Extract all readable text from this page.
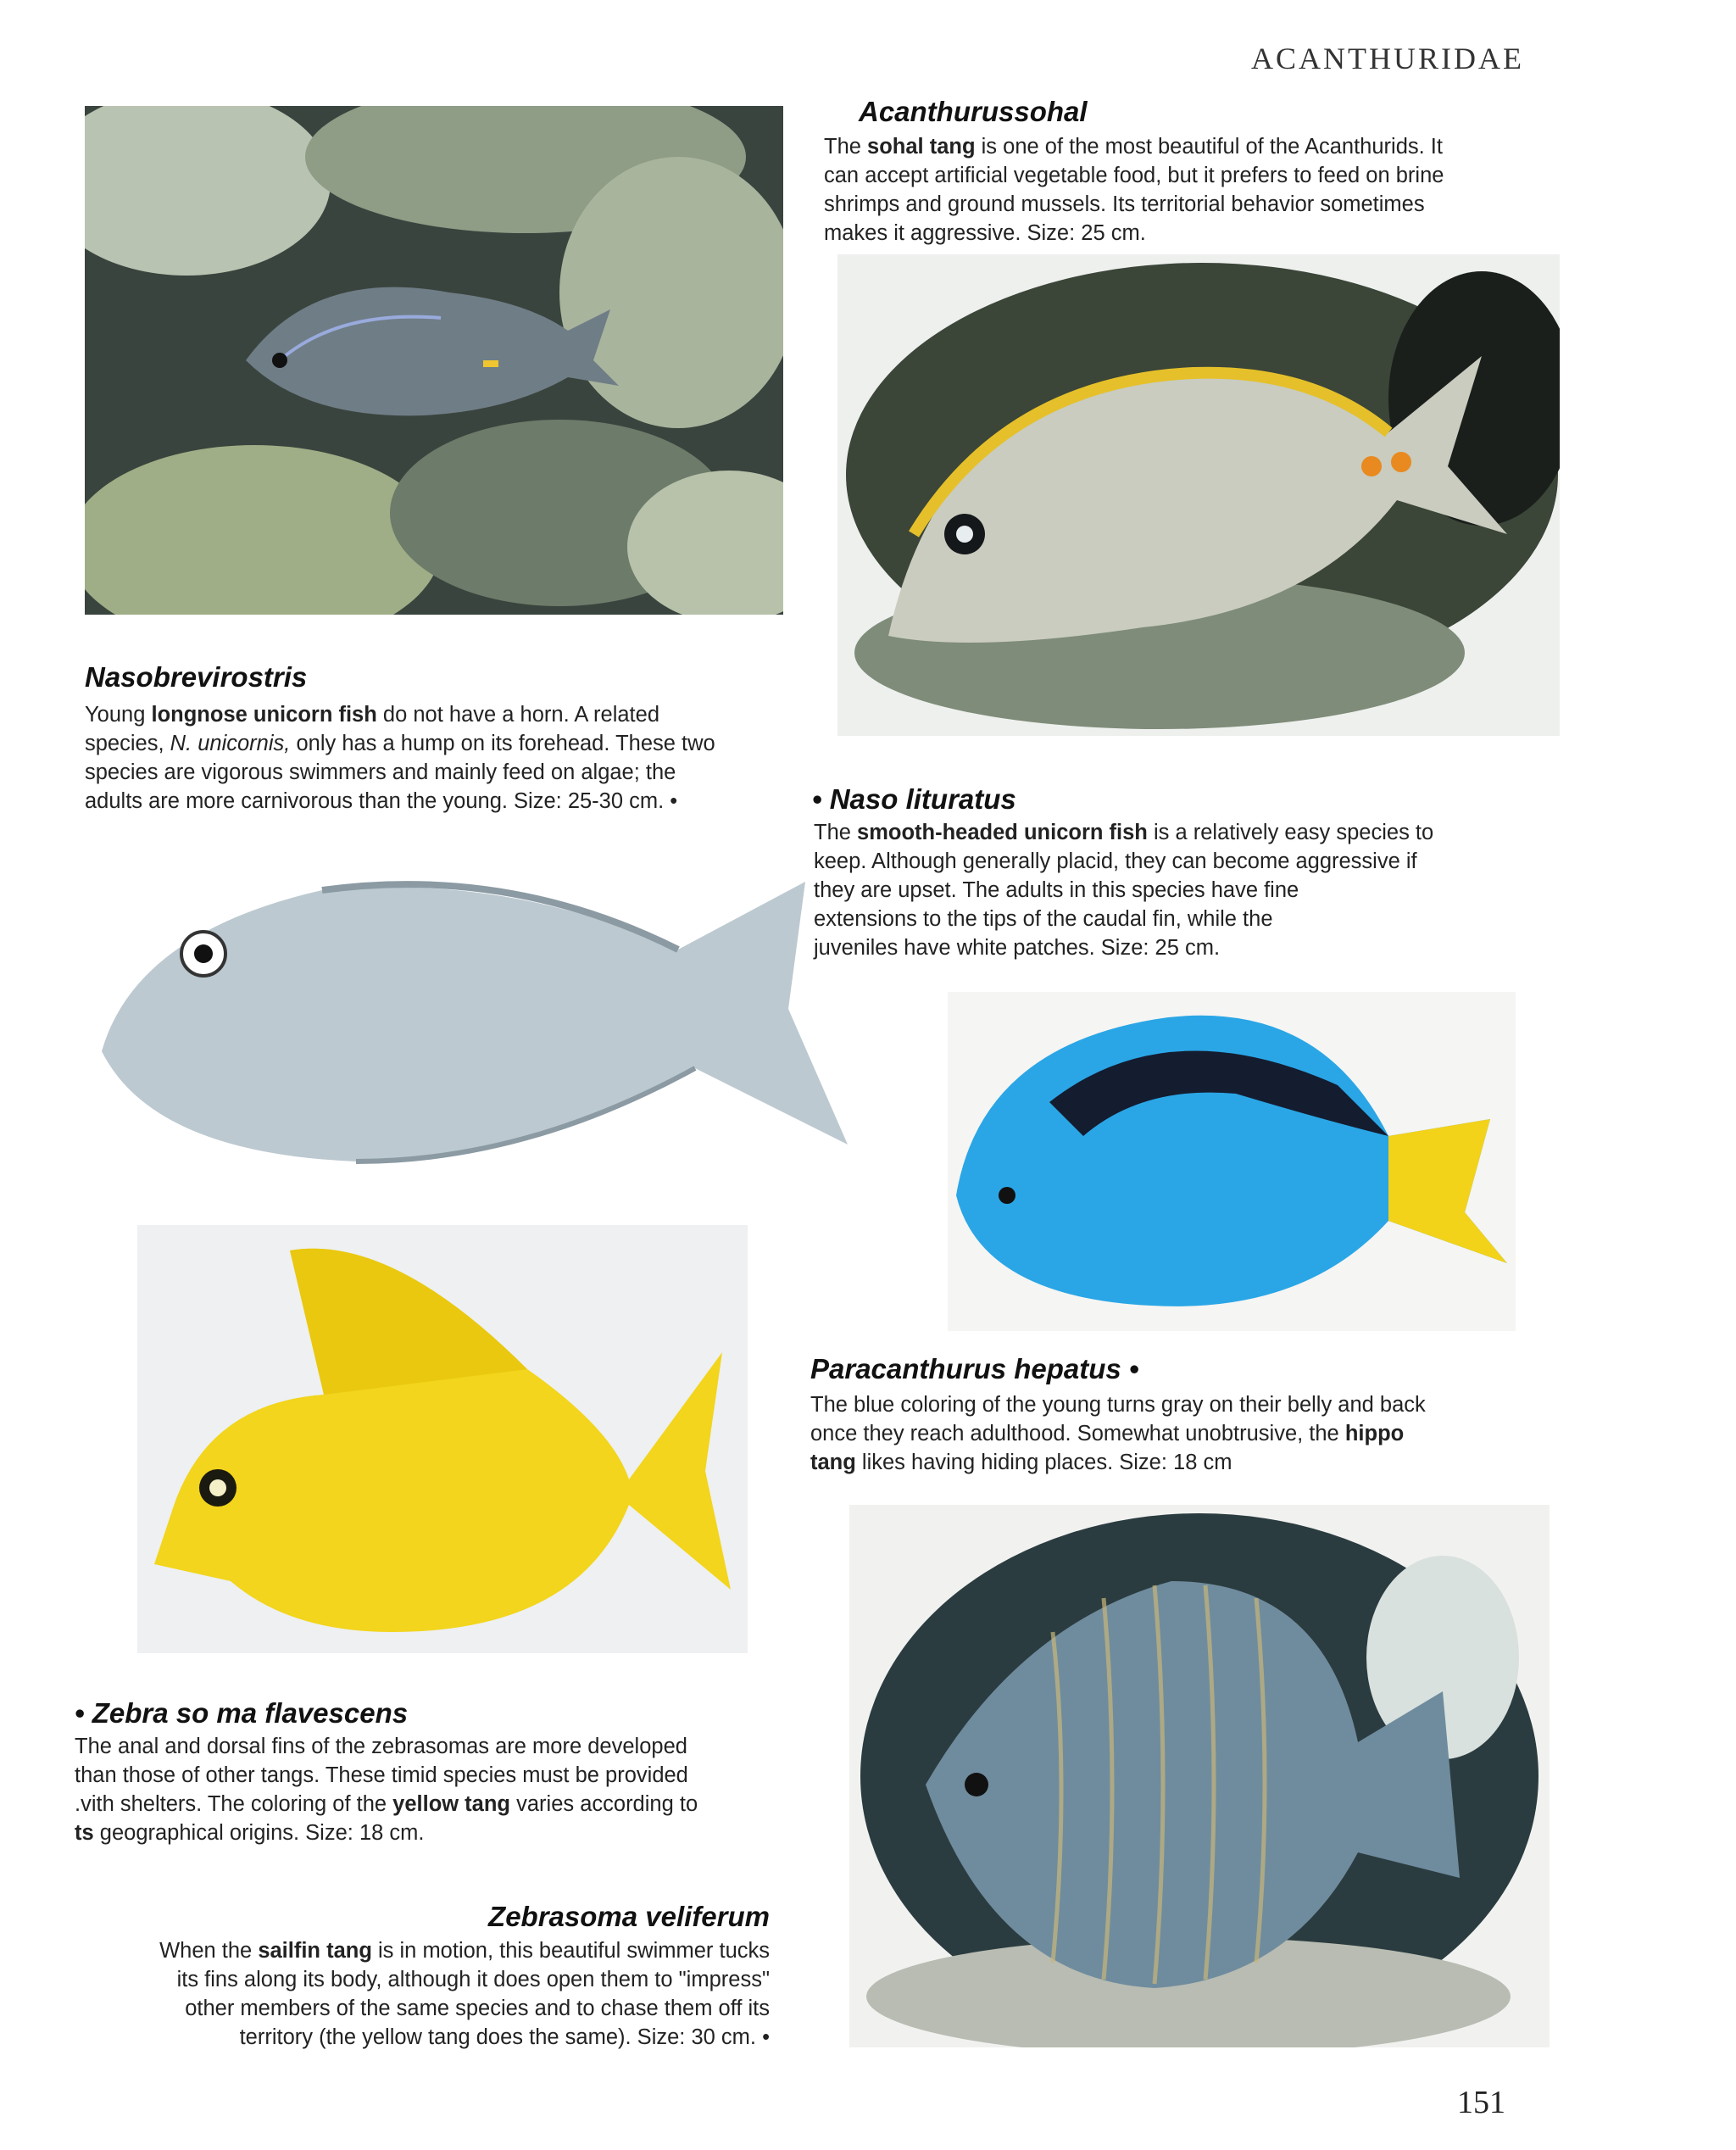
ACANTHURIDAE
151
Acanthurussohal
The sohal tang is one of the most beautiful of the Acanthurids. It
can accept artificial vegetable food, but it prefers to feed on brine
shrimps and ground mussels. Its territorial behavior sometimes
makes it aggressive. Size: 25 cm.
Nasobrevirostris
Young longnose unicorn fish do not have a horn. A related
species, N. unicornis, only has a hump on its forehead. These two
species are vigorous swimmers and mainly feed on algae; the
adults are more carnivorous than the young. Size: 25-30 cm. •	• Naso lituratus
The smooth-headed unicorn fish is a relatively easy species to
keep. Although generally placid, they can become aggressive if
they are upset. The adults in this species have fine
extensions to the tips of the caudal fin, while the
juveniles have white patches. Size: 25 cm.
Paracanthurus hepatus •
The blue coloring of the young turns gray on their belly and back
once they reach adulthood. Somewhat unobtrusive, the hippo
tang likes having hiding places. Size: 18 cm
• Zebra so ma flavescens
The anal and dorsal fins of the zebrasomas are more developed
than those of other tangs. These timid species must be provided
.vith shelters. The coloring of the yellow tang varies according to
ts geographical origins. Size: 18 cm.
Zebrasoma veliferum
When the sailfin tang is in motion, this beautiful swimmer tucks
its fins along its body, although it does open them to "impress"
other members of the same species and to chase them off its
territory (the yellow tang does the same). Size: 30 cm. •
